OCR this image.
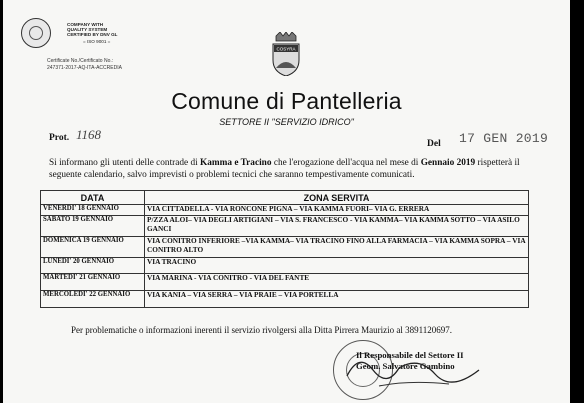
COMPANY WITH
QUALITY SYSTEM
CERTIFIED BY DNV GL
= ISO 9001 =
Certificate No./Certificato No.:
247371-2017-AQ-ITA-ACCREDIA
COSYRA
Comune di Pantelleria
SETTORE II "SERVIZIO IDRICO"
Prot. 1168
Del 17 GEN 2019
Si informano gli utenti delle contrade di Kamma e Tracino che l'erogazione dell'acqua nel mese di Gennaio 2019 rispetterà il seguente calendario, salvo imprevisti o problemi tecnici che saranno tempestivamente comunicati.
DATA	ZONA SERVITA
VENERDI' 18 GENNAIO	VIA CITTADELLA - VIA RONCONE PIGNA – VIA KAMMA FUORI– VIA G. ERRERA
SABATO 19 GENNAIO	P/ZZA ALOI– VIA DEGLI ARTIGIANI – VIA S. FRANCESCO - VIA KAMMA– VIA KAMMA SOTTO – VIA ASILO GANCI
DOMENICA 19 GENNAIO	VIA CONITRO INFERIORE –VIA KAMMA– VIA TRACINO FINO ALLA FARMACIA – VIA KAMMA SOPRA – VIA CONITRO ALTO
LUNEDI' 20 GENNAIO	VIA TRACINO
MARTEDI' 21 GENNAIO	VIA MARINA - VIA CONITRO - VIA DEL FANTE
MERCOLEDI' 22 GENNAIO	VIA KANIA – VIA SERRA – VIA PRAIE – VIA PORTELLA
Per problematiche o informazioni inerenti il servizio rivolgersi alla Ditta Pirrera Maurizio al 3891120697.
Il Responsabile del Settore II
Geom. Salvatore Gambino
